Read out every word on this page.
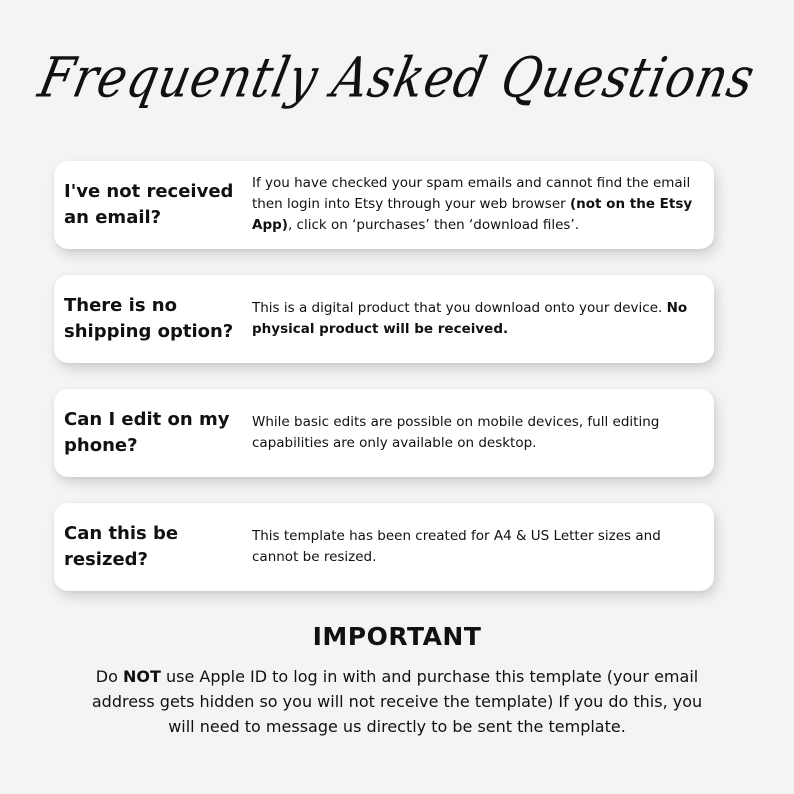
Frequently Asked Questions
I've not received an email?
If you have checked your spam emails and cannot find the email then login into Etsy through your web browser (not on the Etsy App), click on ‘purchases’ then ‘download files’.
There is no shipping option?
This is a digital product that you download onto your device. No physical product will be received.
Can I edit on my phone?
While basic edits are possible on mobile devices, full editing capabilities are only available on desktop.
Can this be resized?
This template has been created for A4 & US Letter sizes and cannot be resized.
IMPORTANT
Do NOT use Apple ID to log in with and purchase this template (your email address gets hidden so you will not receive the template) If you do this, you will need to message us directly to be sent the template.
